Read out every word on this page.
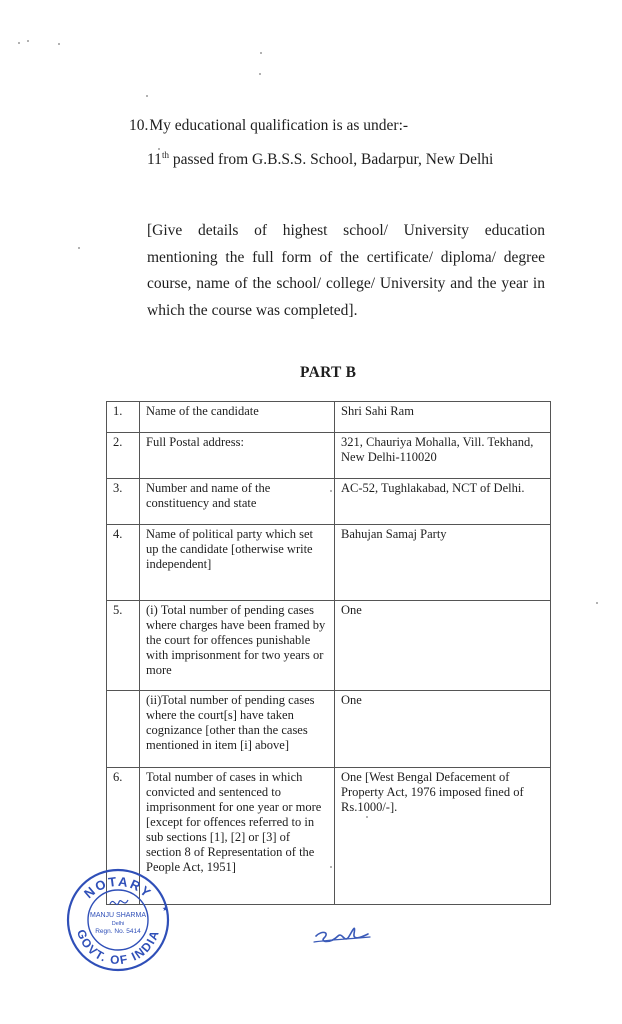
10.My educational qualification is as under:-
11th passed from G.B.S.S. School, Badarpur, New Delhi
[Give details of highest school/ University education mentioning the full form of the certificate/ diploma/ degree course, name of the school/ college/ University and the year in which the course was completed].
PART B
1.	Name of the candidate	Shri Sahi Ram
2.	Full Postal address:	321, Chauriya Mohalla, Vill. Tekhand, New Delhi-110020
3.	Number and name of the constituency and state	AC-52, Tughlakabad, NCT of Delhi.
4.	Name of political party which set up the candidate [otherwise write independent]	Bahujan Samaj Party
5.	(i) Total number of pending cases where charges have been framed by the court for offences punishable with imprisonment for two years or more	One
	(ii)Total number of pending cases where the court[s] have taken cognizance [other than the cases mentioned in item [i] above]	One
6.	Total number of cases in which convicted and sentenced to imprisonment for one year or more [except for offences referred to in sub sections [1], [2] or [3] of section 8 of Representation of the People Act, 1951]	One [West Bengal Defacement of Property Act, 1976 imposed fined of Rs.1000/-].
NOTARY
GOVT. OF INDIA
MANJU SHARMA
Delhi
Regn. No. 5414
★
